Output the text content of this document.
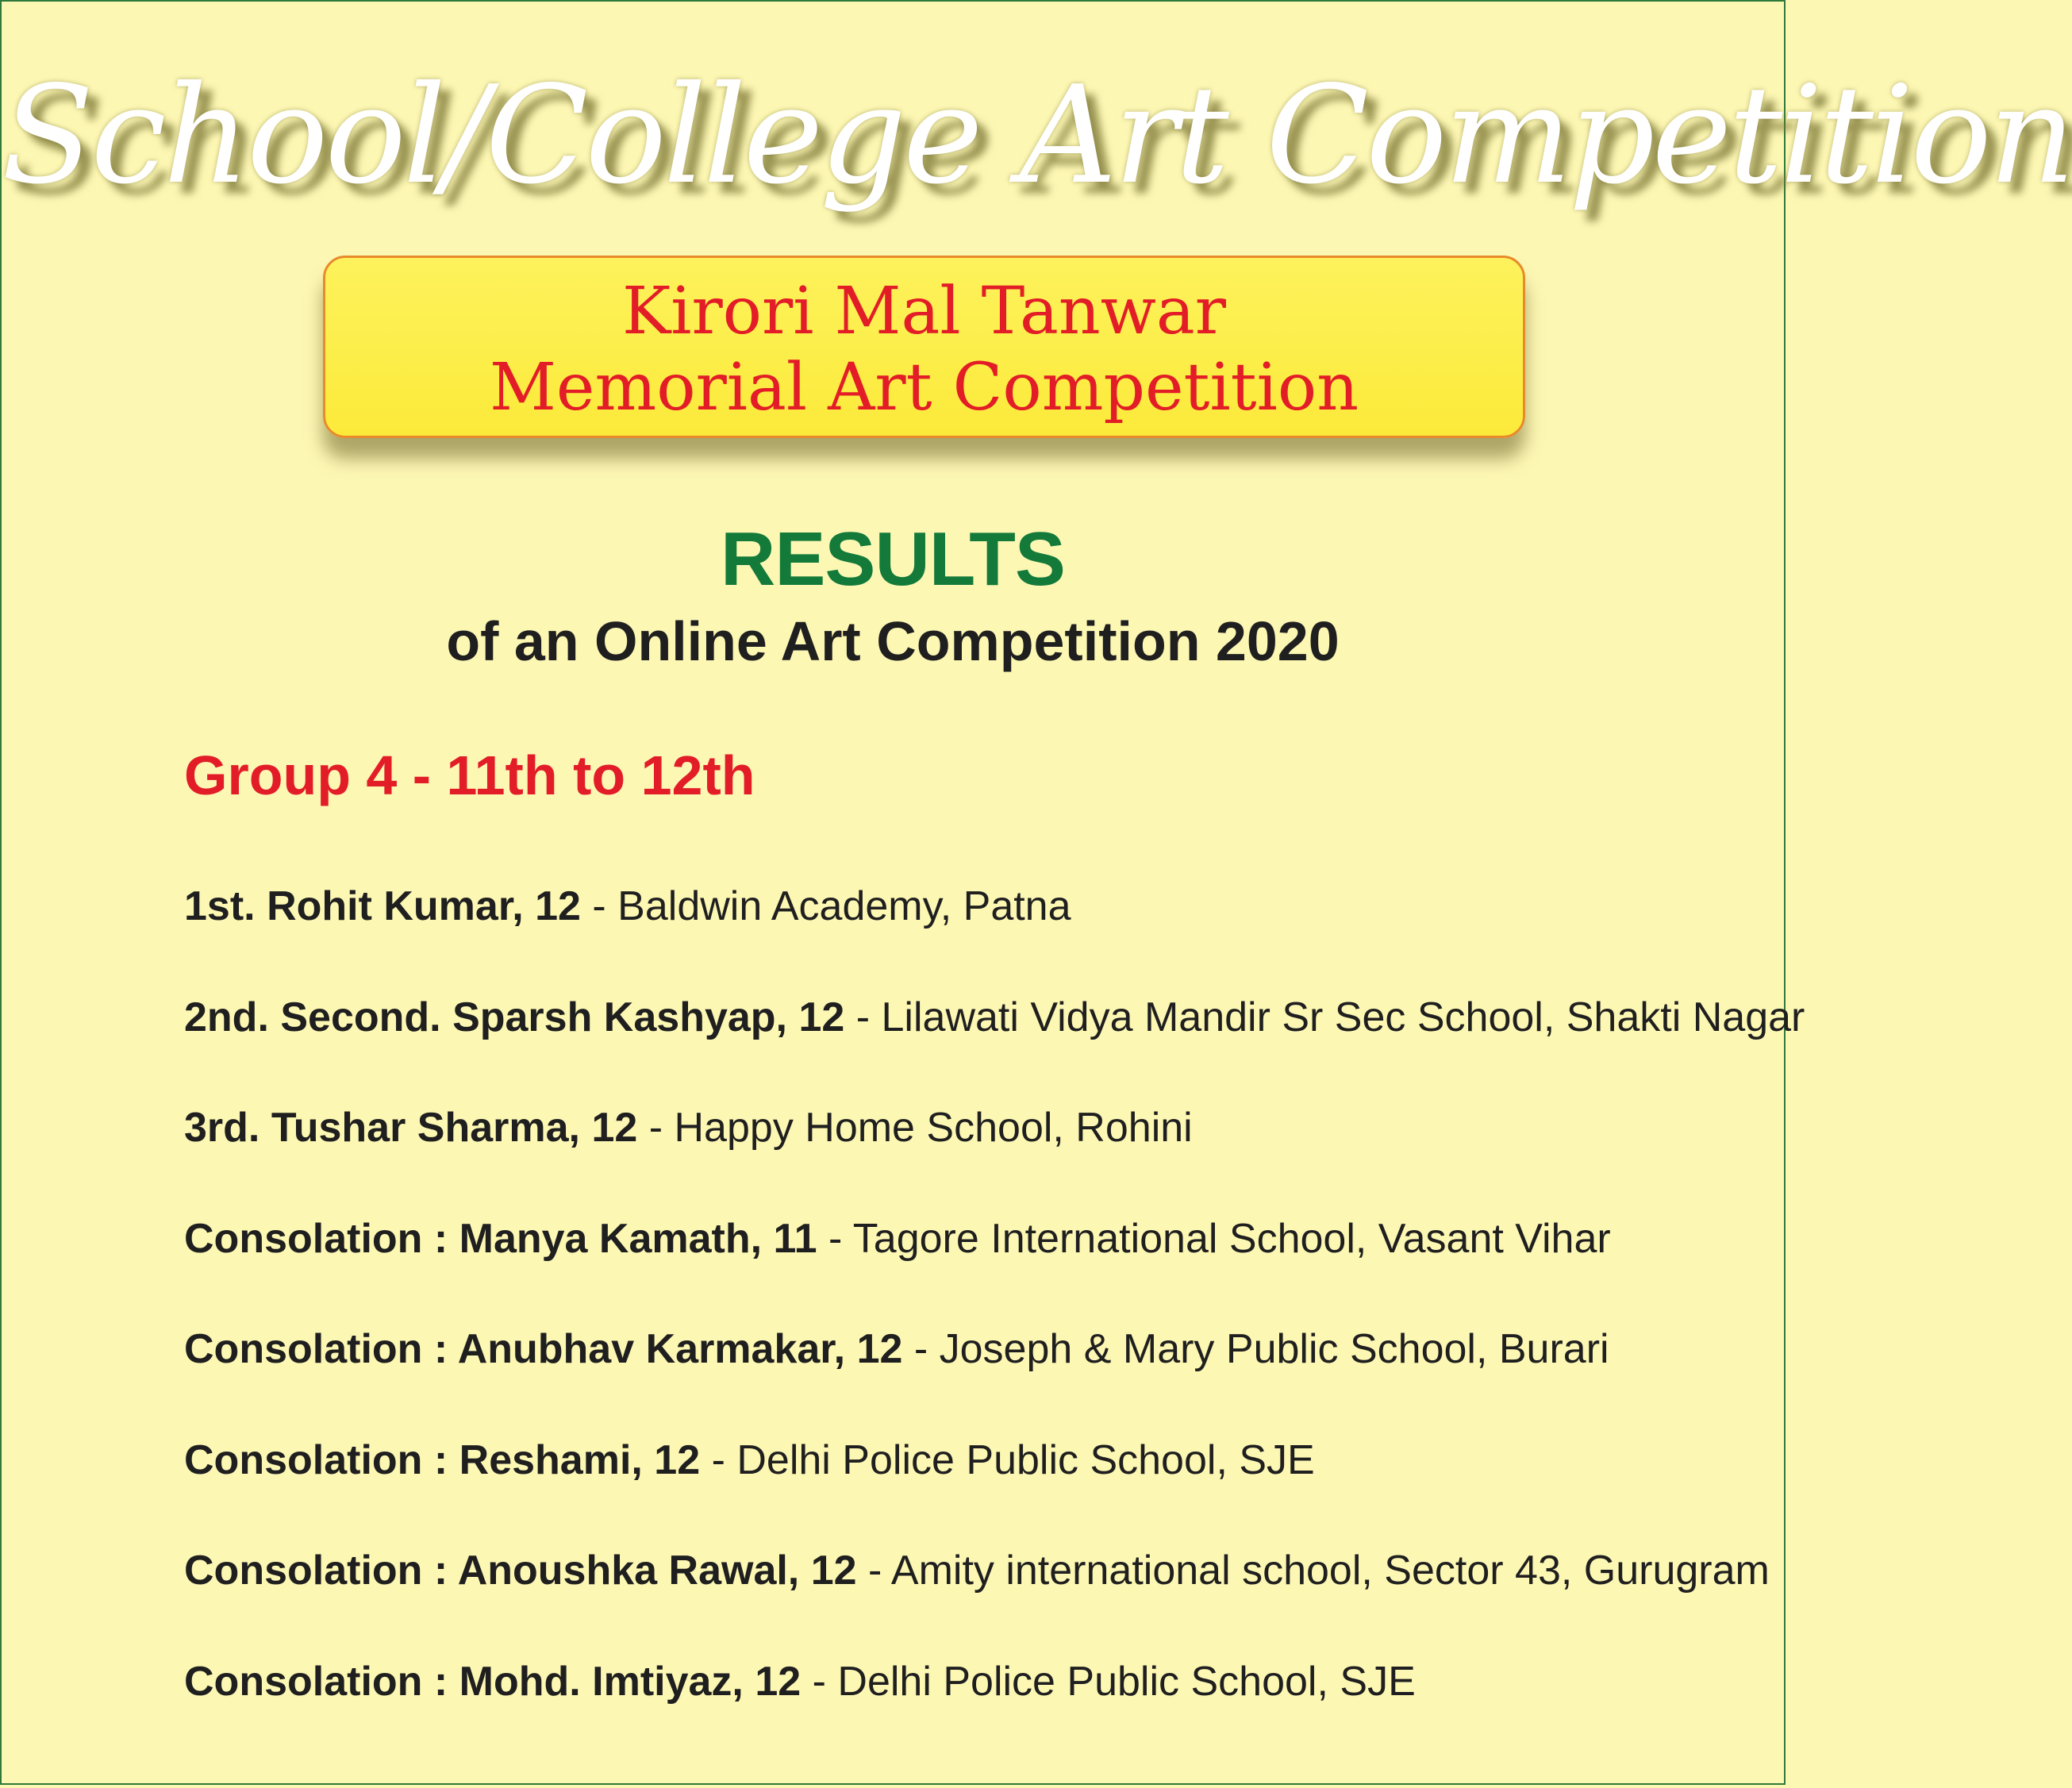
School/College Art Competition
Kirori Mal Tanwar
Memorial Art Competition
RESULTS
of an Online Art Competition 2020
Group 4 - 11th to 12th
1st. Rohit Kumar, 12 - Baldwin Academy, Patna
2nd. Second. Sparsh Kashyap, 12 - Lilawati Vidya Mandir Sr Sec School, Shakti Nagar
3rd. Tushar Sharma, 12 - Happy Home School, Rohini
Consolation : Manya Kamath, 11 - Tagore International School, Vasant Vihar
Consolation : Anubhav Karmakar, 12 - Joseph & Mary Public School, Burari
Consolation : Reshami, 12 - Delhi Police Public School, SJE
Consolation : Anoushka Rawal, 12 - Amity international school, Sector 43, Gurugram
Consolation : Mohd. Imtiyaz, 12 - Delhi Police Public School, SJE
